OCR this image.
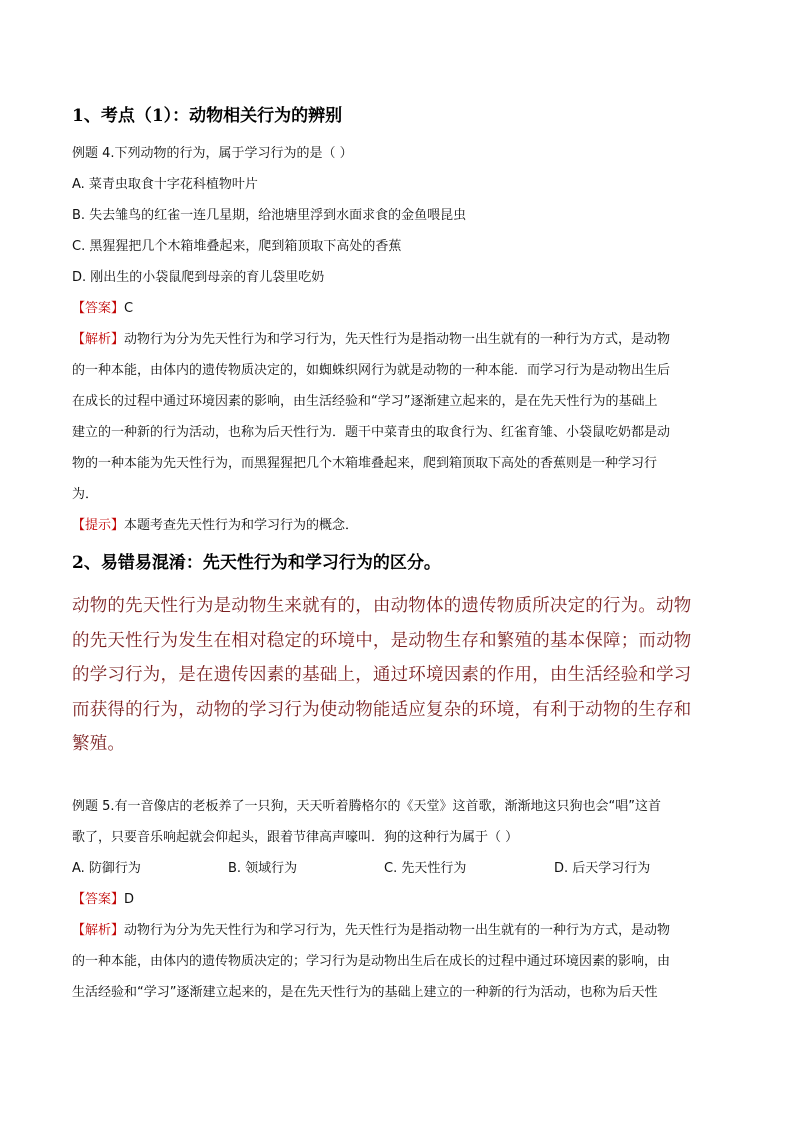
1、考点（1）：动物相关行为的辨别
例题 4.下列动物的行为，属于学习行为的是（ ）
A. 菜青虫取食十字花科植物叶片
B. 失去雏鸟的红雀一连几星期，给池塘里浮到水面求食的金鱼喂昆虫
C. 黑猩猩把几个木箱堆叠起来，爬到箱顶取下高处的香蕉
D. 刚出生的小袋鼠爬到母亲的育儿袋里吃奶
【答案】C
【解析】动物行为分为先天性行为和学习行为，先天性行为是指动物一出生就有的一种行为方式，是动物
的一种本能，由体内的遗传物质决定的，如蜘蛛织网行为就是动物的一种本能．而学习行为是动物出生后
在成长的过程中通过环境因素的影响，由生活经验和“学习”逐渐建立起来的，是在先天性行为的基础上
建立的一种新的行为活动，也称为后天性行为．题干中菜青虫的取食行为、红雀育雏、小袋鼠吃奶都是动
物的一种本能为先天性行为，而黑猩猩把几个木箱堆叠起来，爬到箱顶取下高处的香蕉则是一种学习行
为．
【提示】本题考查先天性行为和学习行为的概念．
2、易错易混淆：先天性行为和学习行为的区分。
动物的先天性行为是动物生来就有的，由动物体的遗传物质所决定的行为。动物
的先天性行为发生在相对稳定的环境中，是动物生存和繁殖的基本保障；而动物
的学习行为，是在遗传因素的基础上，通过环境因素的作用，由生活经验和学习
而获得的行为，动物的学习行为使动物能适应复杂的环境，有利于动物的生存和
繁殖。
例题 5.有一音像店的老板养了一只狗，天天听着腾格尔的《天堂》这首歌，渐渐地这只狗也会“唱”这首
歌了，只要音乐响起就会仰起头，跟着节律高声嚎叫．狗的这种行为属于（ ）
A. 防御行为	B. 领域行为	C. 先天性行为	D. 后天学习行为
【答案】D
【解析】动物行为分为先天性行为和学习行为，先天性行为是指动物一出生就有的一种行为方式，是动物
的一种本能，由体内的遗传物质决定的；学习行为是动物出生后在成长的过程中通过环境因素的影响，由
生活经验和“学习”逐渐建立起来的，是在先天性行为的基础上建立的一种新的行为活动，也称为后天性
